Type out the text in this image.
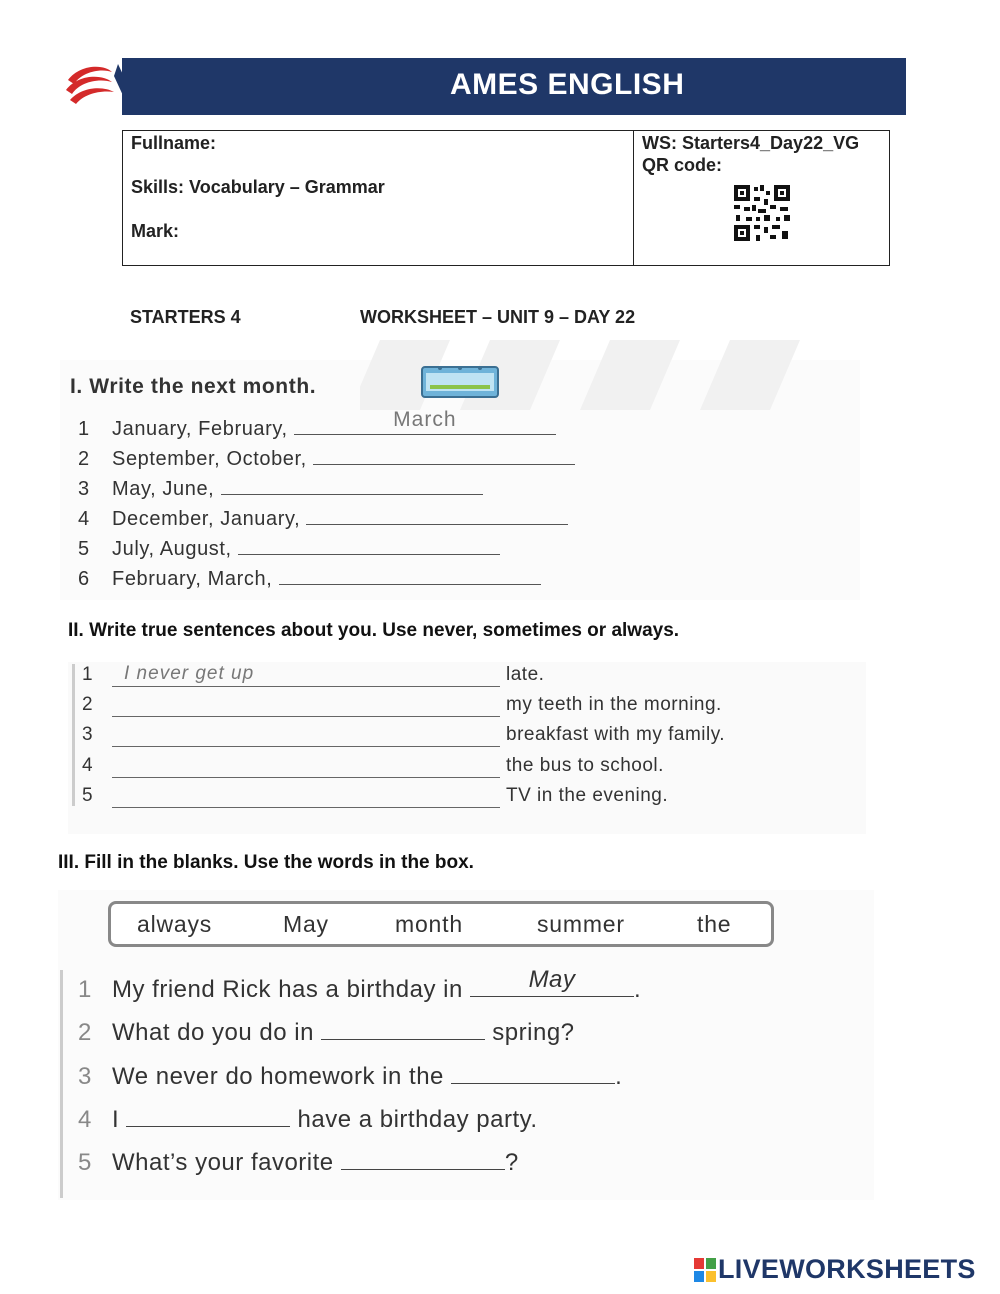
AMES ENGLISH
Fullname:
Skills: Vocabulary – Grammar
Mark:
WS: Starters4_Day22_VG
QR code:
STARTERS 4	WORKSHEET – UNIT 9 – DAY 22
I. Write the next month.
1 January, February,	March
2 September, October,
3 May, June,
4 December, January,
5 July, August,
6 February, March,
II. Write true sentences about you. Use never, sometimes or always.
1 I never get up	late.
2	my teeth in the morning.
3	breakfast with my family.
4	the bus to school.
5	TV in the evening.
III. Fill in the blanks. Use the words in the box.
always	May	month	summer	the
1 My friend Rick has a birthday in	May	.
2 What do you do in	spring?
3 We never do homework in the	.
4 I	have a birthday party.
5 What’s your favorite	?
LIVEWORKSHEETS
